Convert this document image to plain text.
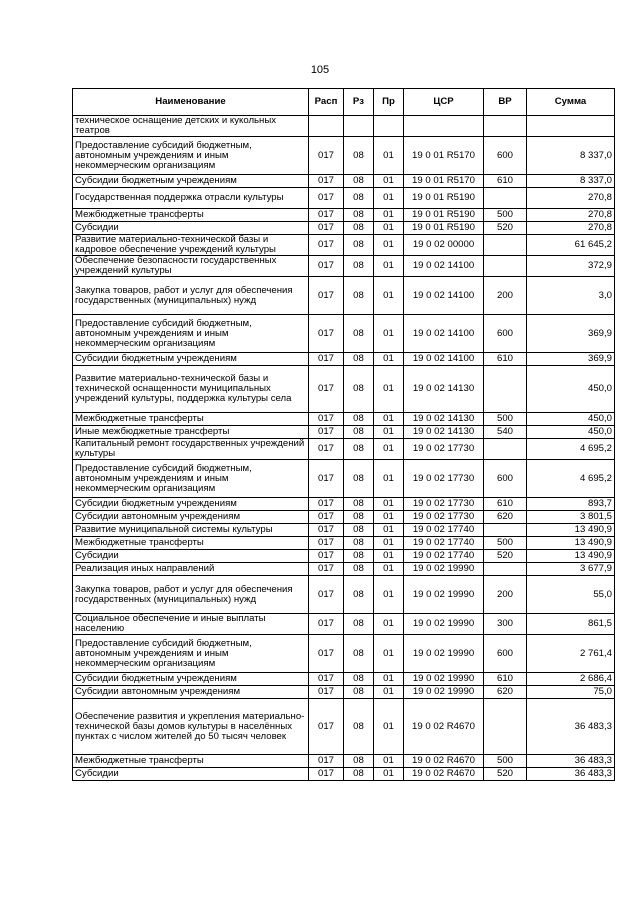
105
Наименование	Расп	Рз	Пр	ЦСР	ВР	Сумма
техническое оснащение детских и кукольных театров						
Предоставление субсидий бюджетным, автономным учреждениям и иным некоммерческим организациям	017	08	01	19 0 01 R5170	600	8 337,0
Субсидии бюджетным учреждениям	017	08	01	19 0 01 R5170	610	8 337,0
Государственная поддержка отрасли культуры	017	08	01	19 0 01 R5190		270,8
Межбюджетные трансферты	017	08	01	19 0 01 R5190	500	270,8
Субсидии	017	08	01	19 0 01 R5190	520	270,8
Развитие материально-технической базы и кадровое обеспечение учреждений культуры	017	08	01	19 0 02 00000		61 645,2
Обеспечение безопасности государственных учреждений культуры	017	08	01	19 0 02 14100		372,9
Закупка товаров, работ и услуг для обеспечения государственных (муниципальных) нужд	017	08	01	19 0 02 14100	200	3,0
Предоставление субсидий бюджетным, автономным учреждениям и иным некоммерческим организациям	017	08	01	19 0 02 14100	600	369,9
Субсидии бюджетным учреждениям	017	08	01	19 0 02 14100	610	369,9
Развитие материально-технической базы и технической оснащенности муниципальных учреждений культуры, поддержка культуры села	017	08	01	19 0 02 14130		450,0
Межбюджетные трансферты	017	08	01	19 0 02 14130	500	450,0
Иные межбюджетные трансферты	017	08	01	19 0 02 14130	540	450,0
Капитальный ремонт государственных учреждений культуры	017	08	01	19 0 02 17730		4 695,2
Предоставление субсидий бюджетным, автономным учреждениям и иным некоммерческим организациям	017	08	01	19 0 02 17730	600	4 695,2
Субсидии бюджетным учреждениям	017	08	01	19 0 02 17730	610	893,7
Субсидии автономным учреждениям	017	08	01	19 0 02 17730	620	3 801,5
Развитие муниципальной системы культуры	017	08	01	19 0 02 17740		13 490,9
Межбюджетные трансферты	017	08	01	19 0 02 17740	500	13 490,9
Субсидии	017	08	01	19 0 02 17740	520	13 490,9
Реализация иных направлений	017	08	01	19 0 02 19990		3 677,9
Закупка товаров, работ и услуг для обеспечения государственных (муниципальных) нужд	017	08	01	19 0 02 19990	200	55,0
Социальное обеспечение и иные выплаты населению	017	08	01	19 0 02 19990	300	861,5
Предоставление субсидий бюджетным, автономным учреждениям и иным некоммерческим организациям	017	08	01	19 0 02 19990	600	2 761,4
Субсидии бюджетным учреждениям	017	08	01	19 0 02 19990	610	2 686,4
Субсидии автономным учреждениям	017	08	01	19 0 02 19990	620	75,0
Обеспечение развития и укрепления материально-технической базы домов культуры в населённых пунктах с числом жителей до 50 тысяч человек	017	08	01	19 0 02 R4670		36 483,3
Межбюджетные трансферты	017	08	01	19 0 02 R4670	500	36 483,3
Субсидии	017	08	01	19 0 02 R4670	520	36 483,3
